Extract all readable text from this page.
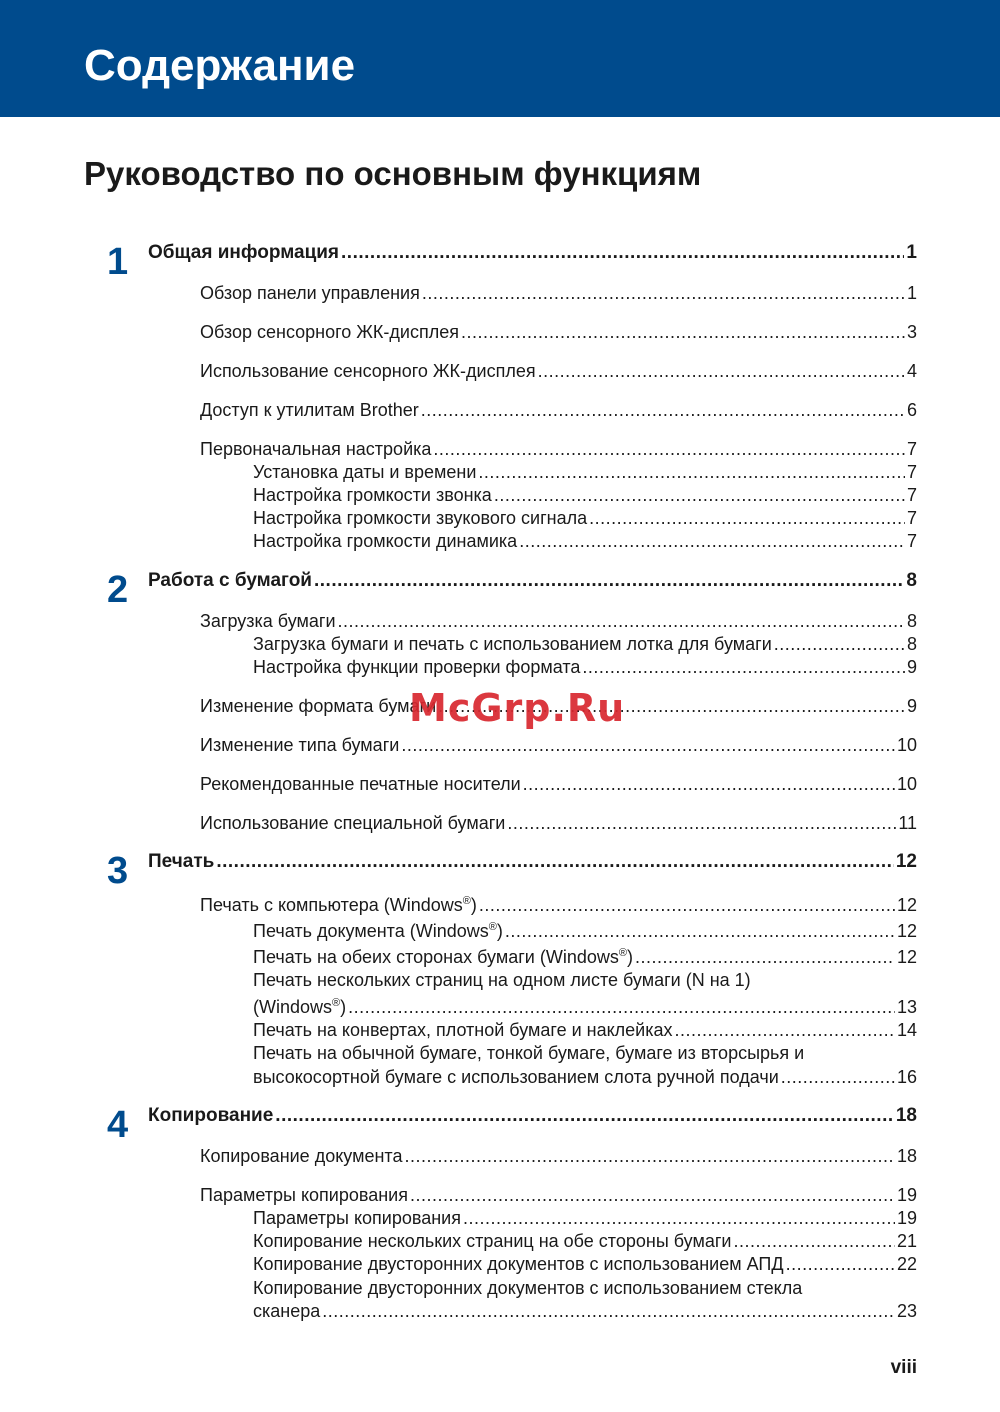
Содержание
Руководство по основным функциям
1	Общая информация .....	1
Обзор панели управления .....	1
Обзор сенсорного ЖК-дисплея .....	3
Использование сенсорного ЖК-дисплея .....	4
Доступ к утилитам Brother .....	6
Первоначальная настройка .....	7
Установка даты и времени .....	7
Настройка громкости звонка .....	7
Настройка громкости звукового сигнала .....	7
Настройка громкости динамика .....	7
2	Работа с бумагой .....	8
Загрузка бумаги .....	8
Загрузка бумаги и печать с использованием лотка для бумаги .....	8
Настройка функции проверки формата .....	9
Изменение формата бумаги .....	9
Изменение типа бумаги .....	10
Рекомендованные печатные носители .....	10
Использование специальной бумаги .....	11
3	Печать .....	12
Печать с компьютера (Windows®) .....	12
Печать документа (Windows®) .....	12
Печать на обеих сторонах бумаги (Windows®) .....	12
Печать нескольких страниц на одном листе бумаги (N на 1)
(Windows®) .....	13
Печать на конвертах, плотной бумаге и наклейках .....	14
Печать на обычной бумаге, тонкой бумаге, бумаге из вторсырья и
высокосортной бумаге с использованием слота ручной подачи .....	16
4	Копирование .....	18
Копирование документа .....	18
Параметры копирования .....	19
Параметры копирования .....	19
Копирование нескольких страниц на обе стороны бумаги .....	21
Копирование двусторонних документов с использованием АПД .....	22
Копирование двусторонних документов с использованием стекла
сканера .....	23
McGrp.Ru
viii
